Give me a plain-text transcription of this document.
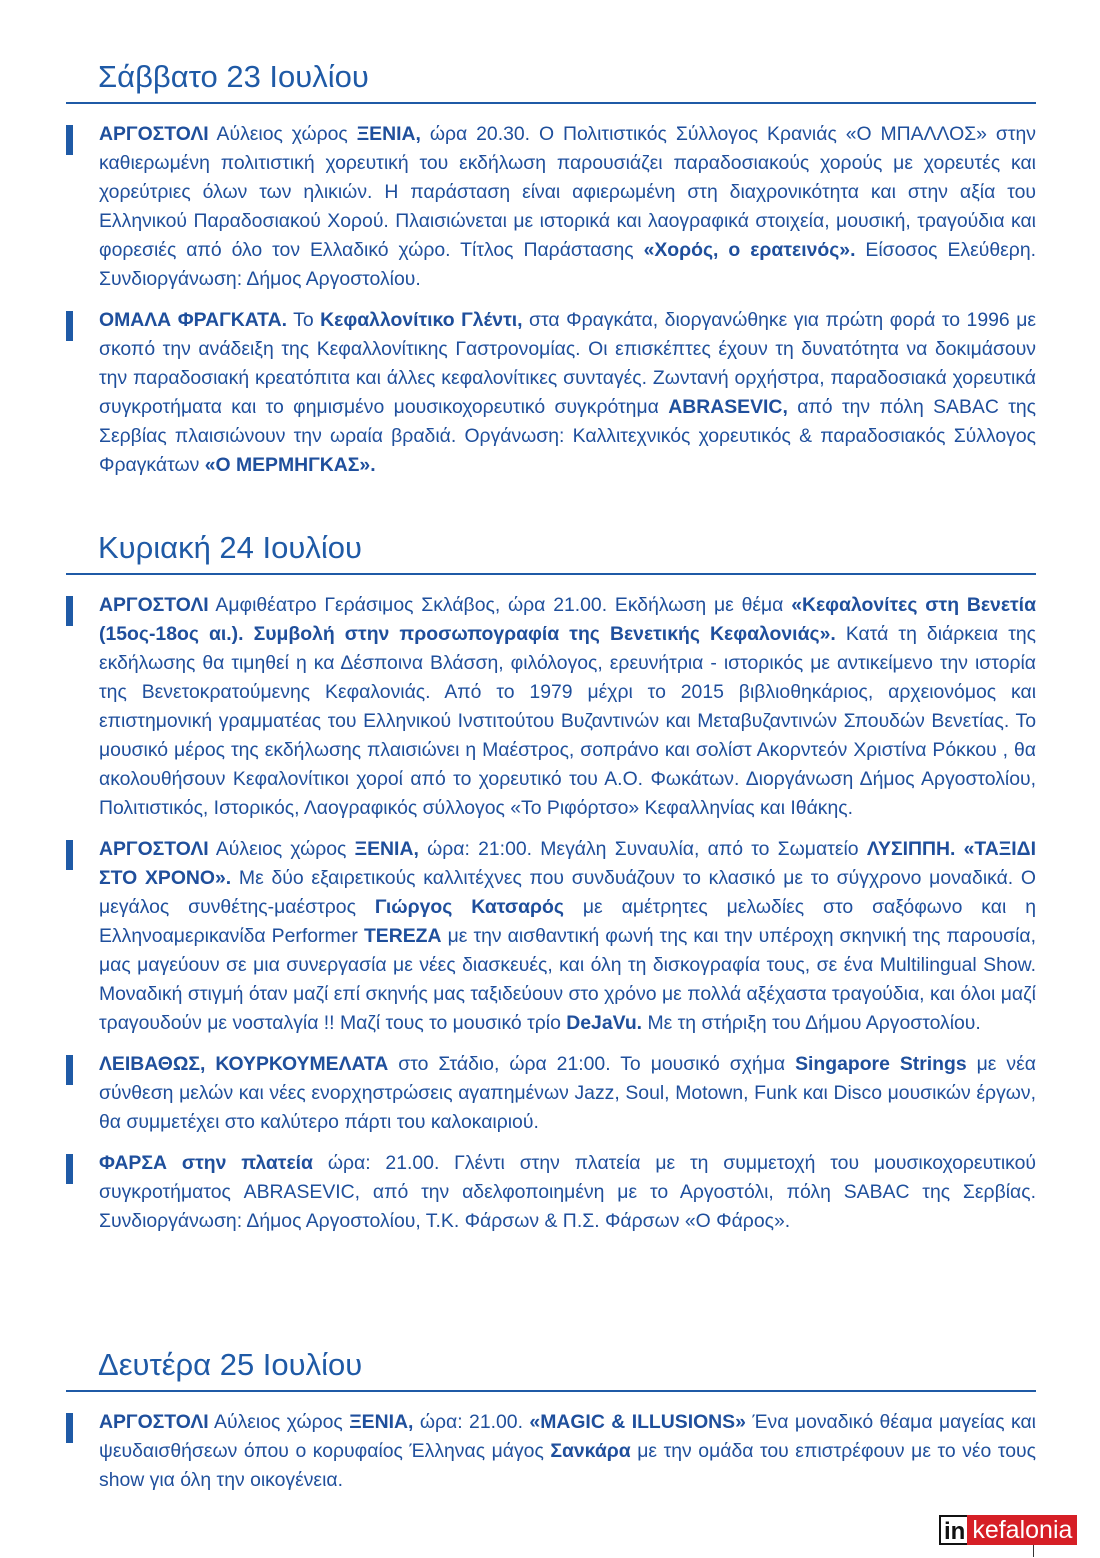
Σάββατο 23 Ιουλίου

ΑΡΓΟΣΤΟΛΙ Αύλειος χώρος ΞΕΝΙΑ, ώρα 20.30. Ο Πολιτιστικός Σύλλογος Κρανιάς «Ο ΜΠΑΛΛΟΣ» στην καθιερωμένη πολιτιστική χορευτική του εκδήλωση παρουσιάζει παραδοσιακούς χορούς με χορευτές και χορεύτριες όλων των ηλικιών. Η παράσταση είναι αφιερωμένη στη διαχρονικότητα και στην αξία του Ελληνικού Παραδοσιακού Χορού. Πλαισιώνεται με ιστορικά και λαογραφικά στοιχεία, μουσική, τραγούδια και φορεσιές από όλο τον Ελλαδικό χώρο. Τίτλος Παράστασης «Χορός, ο ερατεινός». Είσοσος Ελεύθερη. Συνδιοργάνωση: Δήμος Αργοστολίου.

ΟΜΑΛΑ ΦΡΑΓΚΑΤΑ. Το Κεφαλλονίτικο Γλέντι, στα Φραγκάτα, διοργανώθηκε για πρώτη φορά το 1996 με σκοπό την ανάδειξη της Κεφαλλονίτικης Γαστρονομίας. Οι επισκέπτες έχουν τη δυνατότητα να δοκιμάσουν την παραδοσιακή κρεατόπιτα και άλλες κεφαλονίτικες συνταγές. Ζωντανή ορχήστρα, παραδοσιακά χορευτικά συγκροτήματα και το φημισμένο μουσικοχορευτικό συγκρότημα ABRASEVIC, από την πόλη SABAC της Σερβίας πλαισιώνουν την ωραία βραδιά. Οργάνωση: Καλλιτεχνικός χορευτικός & παραδοσιακός Σύλλογος Φραγκάτων «Ο ΜΕΡΜΗΓΚΑΣ».

Κυριακή 24 Ιουλίου

ΑΡΓΟΣΤΟΛΙ Αμφιθέατρο Γεράσιμος Σκλάβος, ώρα 21.00. Εκδήλωση με θέμα «Κεφαλονίτες στη Βενετία (15ος-18ος αι.). Συμβολή στην προσωπογραφία της Βενετικής Κεφαλονιάς». Κατά τη διάρκεια της εκδήλωσης θα τιμηθεί η κα Δέσποινα Βλάσση, φιλόλογος, ερευνήτρια - ιστορικός με αντικείμενο την ιστορία της Βενετοκρατούμενης Κεφαλονιάς. Από το 1979 μέχρι το 2015 βιβλιοθηκάριος, αρχειονόμος και επιστημονική γραμματέας του Ελληνικού Ινστιτούτου Βυζαντινών και Μεταβυζαντινών Σπουδών Βενετίας. Το μουσικό μέρος της εκδήλωσης πλαισιώνει η Μαέστρος, σοπράνο και σολίστ Ακορντεόν Χριστίνα Ρόκκου , θα ακολουθήσουν Κεφαλονίτικοι χοροί από το χορευτικό του Α.Ο. Φωκάτων. Διοργάνωση Δήμος Αργοστολίου, Πολιτιστικός, Ιστορικός, Λαογραφικός σύλλογος «Το Ριφόρτσο» Κεφαλληνίας και Ιθάκης.

ΑΡΓΟΣΤΟΛΙ Αύλειος χώρος ΞΕΝΙΑ, ώρα: 21:00. Μεγάλη Συναυλία, από το Σωματείο ΛΥΣΙΠΠΗ. «ΤΑΞΙΔΙ ΣΤΟ ΧΡΟΝΟ». Με δύο εξαιρετικούς καλλιτέχνες που συνδυάζουν το κλασικό με το σύγχρονο μοναδικά. Ο μεγάλος συνθέτης-μαέστρος Γιώργος Κατσαρός με αμέτρητες μελωδίες στο σαξόφωνο και η Ελληνοαμερικανίδα Performer TEREZA με την αισθαντική φωνή της και την υπέροχη σκηνική της παρουσία, μας μαγεύουν σε μια συνεργασία με νέες διασκευές, και όλη τη δισκογραφία τους, σε ένα Multilingual Show. Μοναδική στιγμή όταν μαζί επί σκηνής μας ταξιδεύουν στο χρόνο με πολλά αξέχαστα τραγούδια, και όλοι μαζί τραγουδούν με νοσταλγία !! Μαζί τους το μουσικό τρίο DeJaVu. Με τη στήριξη του Δήμου Αργοστολίου.

ΛΕΙΒΑΘΩΣ, ΚΟΥΡΚΟΥΜΕΛΑΤΑ στο Στάδιο, ώρα 21:00. Το μουσικό σχήμα Singapore Strings με νέα σύνθεση μελών και νέες ενορχηστρώσεις αγαπημένων Jazz, Soul, Motown, Funk και Disco μουσικών έργων, θα συμμετέχει στο καλύτερο πάρτι του καλοκαιριού.

ΦΑΡΣΑ στην πλατεία ώρα: 21.00. Γλέντι στην πλατεία με τη συμμετοχή του μουσικοχορευτικού συγκροτήματος ABRASEVIC, από την αδελφοποιημένη με το Αργοστόλι, πόλη SABAC της Σερβίας. Συνδιοργάνωση: Δήμος Αργοστολίου, Τ.Κ. Φάρσων & Π.Σ. Φάρσων «Ο Φάρος».

Δευτέρα 25 Ιουλίου

ΑΡΓΟΣΤΟΛΙ Αύλειος χώρος ΞΕΝΙΑ, ώρα: 21.00. «MAGIC & ILLUSIONS» Ένα μοναδικό θέαμα μαγείας και ψευδαισθήσεων όπου ο κορυφαίος Έλληνας μάγος Σανκάρα με την ομάδα του επιστρέφουν με το νέο τους show για όλη την οικογένεια.

in kefalonia
